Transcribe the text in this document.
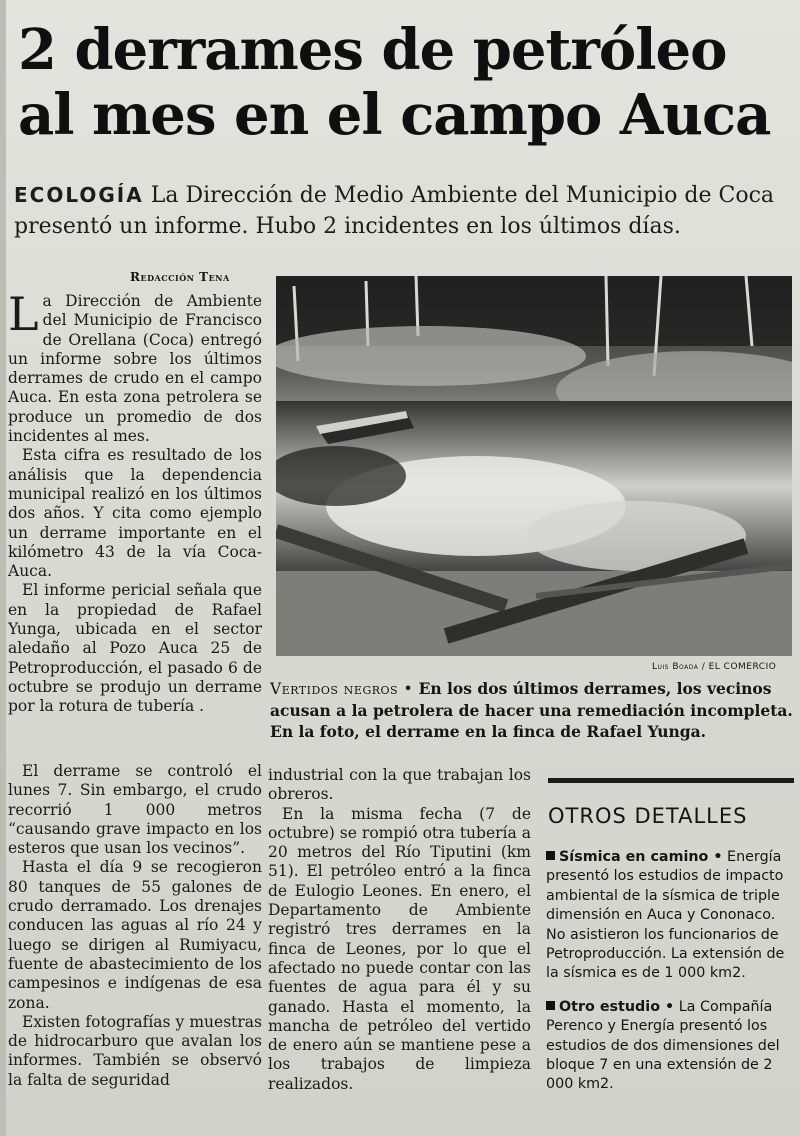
2 derrames de petróleo al mes en el campo Auca

ECOLOGÍA La Dirección de Medio Ambiente del Municipio de Coca presentó un informe. Hubo 2 incidentes en los últimos días.

Redacción Tena

La Dirección de Ambiente del Municipio de Francisco de Orellana (Coca) entregó un informe sobre los últimos derrames de crudo en el campo Auca. En esta zona petrolera se produce un promedio de dos incidentes al mes.

Esta cifra es resultado de los análisis que la dependencia municipal realizó en los últimos dos años. Y cita como ejemplo un derrame importante en el kilómetro 43 de la vía Coca-Auca.

El informe pericial señala que en la propiedad de Rafael Yunga, ubicada en el sector aledaño al Pozo Auca 25 de Petroproducción, el pasado 6 de octubre se produjo un derrame por la rotura de tubería .

El derrame se controló el lunes 7. Sin embargo, el crudo recorrió 1 000 metros “causando grave impacto en los esteros que usan los vecinos”.

Hasta el día 9 se recogieron 80 tanques de 55 galones de crudo derramado. Los drenajes conducen las aguas al río 24 y luego se dirigen al Rumiyacu, fuente de abastecimiento de los campesinos e indígenas de esa zona.

Existen fotografías y muestras de hidrocarburo que avalan los informes. También se observó la falta de seguridad

industrial con la que trabajan los obreros.

En la misma fecha (7 de octubre) se rompió otra tubería a 20 metros del Río Tiputini (km 51). El petróleo entró a la finca de Eulogio Leones. En enero, el Departamento de Ambiente registró tres derrames en la finca de Leones, por lo que el afectado no puede contar con las fuentes de agua para él y su ganado. Hasta el momento, la mancha de petróleo del vertido de enero aún se mantiene pese a los trabajos de limpieza realizados.

Luis Boada / EL COMERCIO
Vertidos negros • En los dos últimos derrames, los vecinos acusan a la petrolera de hacer una remediación incompleta. En la foto, el derrame en la finca de Rafael Yunga.
OTROS DETALLES
Sísmica en camino • Energía presentó los estudios de impacto ambiental de la sísmica de triple dimensión en Auca y Cononaco. No asistieron los funcionarios de Petroproducción. La extensión de la sísmica es de 1 000 km2.
Otro estudio • La Compañía Perenco y Energía presentó los estudios de dos dimensiones del bloque 7 en una extensión de 2 000 km2.
